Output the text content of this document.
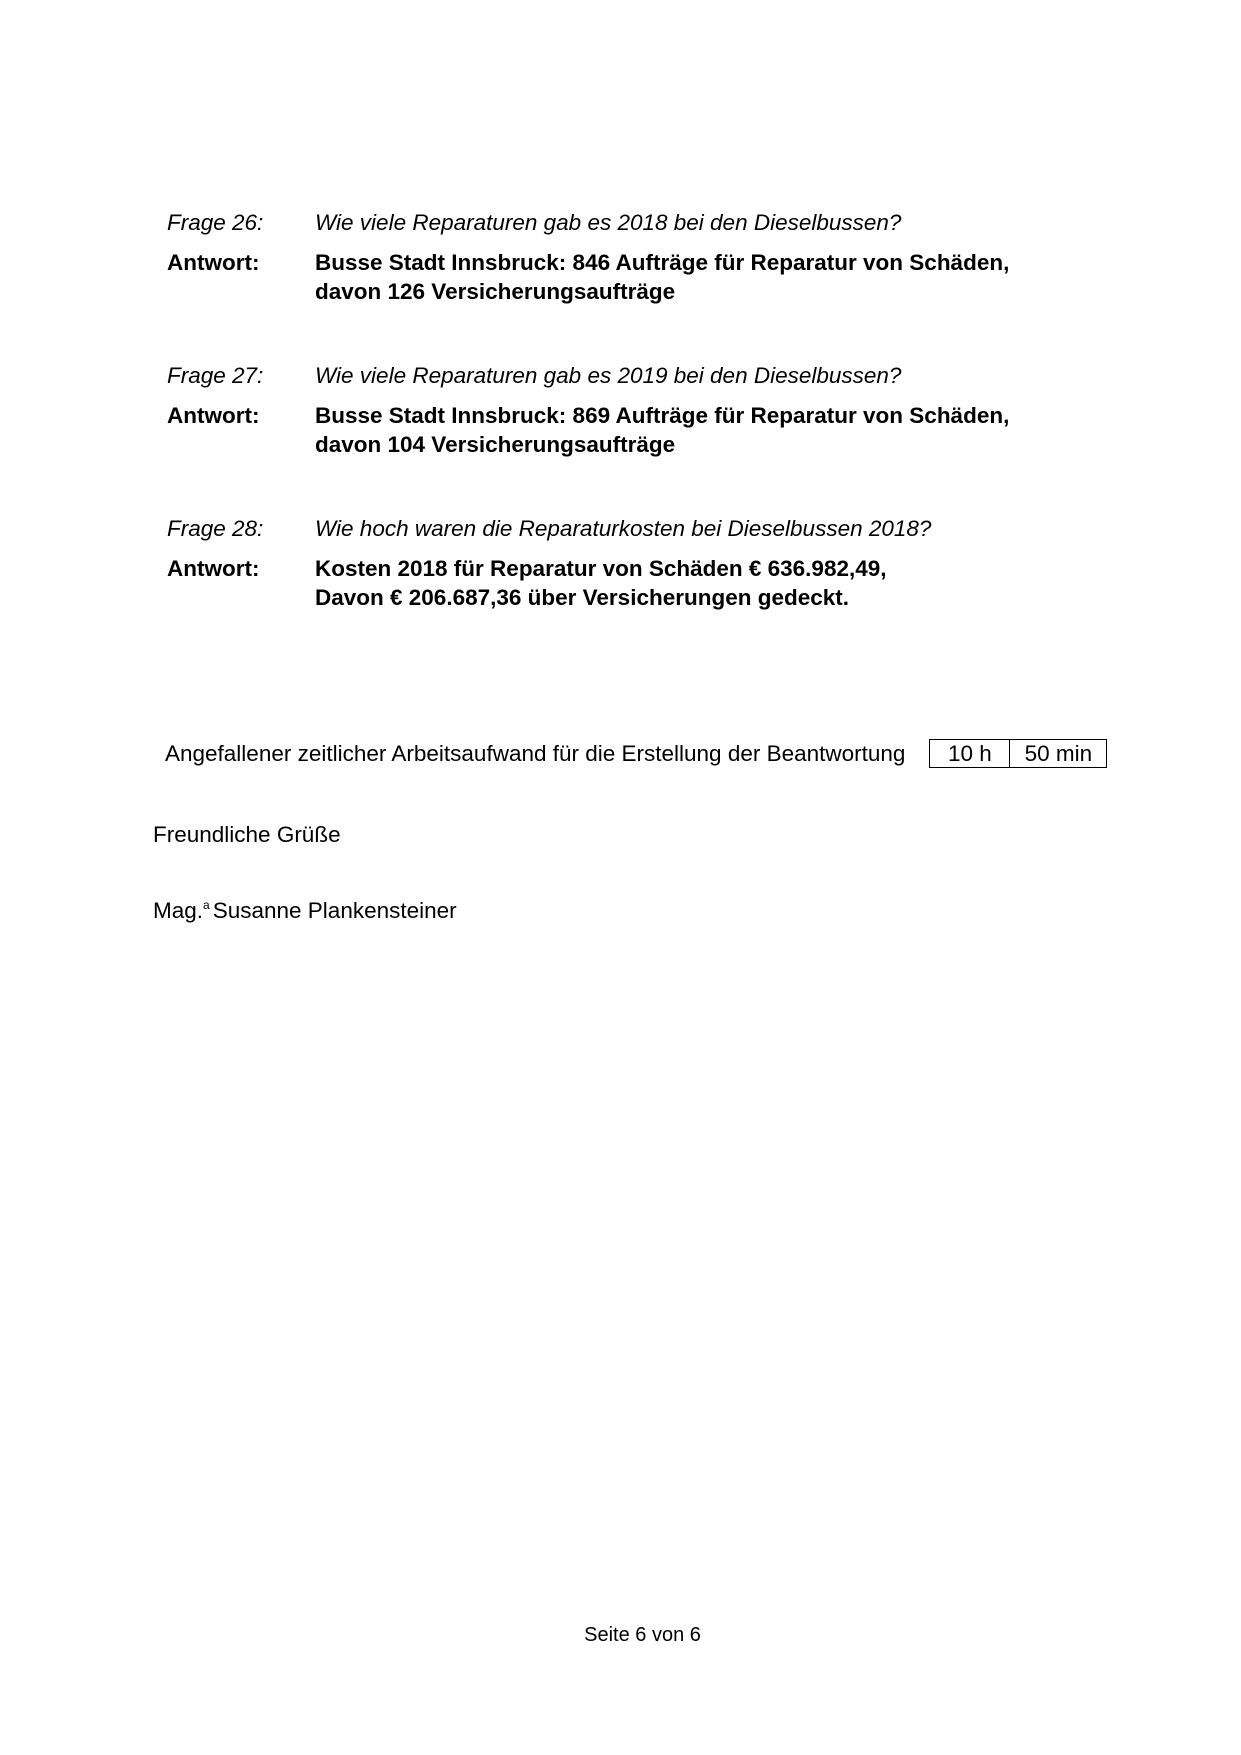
Frage 26:	Wie viele Reparaturen gab es 2018 bei den Dieselbussen?
Antwort:	Busse Stadt Innsbruck: 846 Aufträge für Reparatur von Schäden,
davon 126 Versicherungsaufträge
Frage 27:	Wie viele Reparaturen gab es 2019 bei den Dieselbussen?
Antwort:	Busse Stadt Innsbruck: 869 Aufträge für Reparatur von Schäden,
davon 104 Versicherungsaufträge
Frage 28:	Wie hoch waren die Reparaturkosten bei Dieselbussen 2018?
Antwort:	Kosten 2018 für Reparatur von Schäden € 636.982,49,
Davon € 206.687,36 über Versicherungen gedeckt.
Angefallener zeitlicher Arbeitsaufwand für die Erstellung der Beantwortung	10 h	50 min
Freundliche Grüße
Mag.$^a$ Susanne Plankensteiner
Seite 6 von 6
